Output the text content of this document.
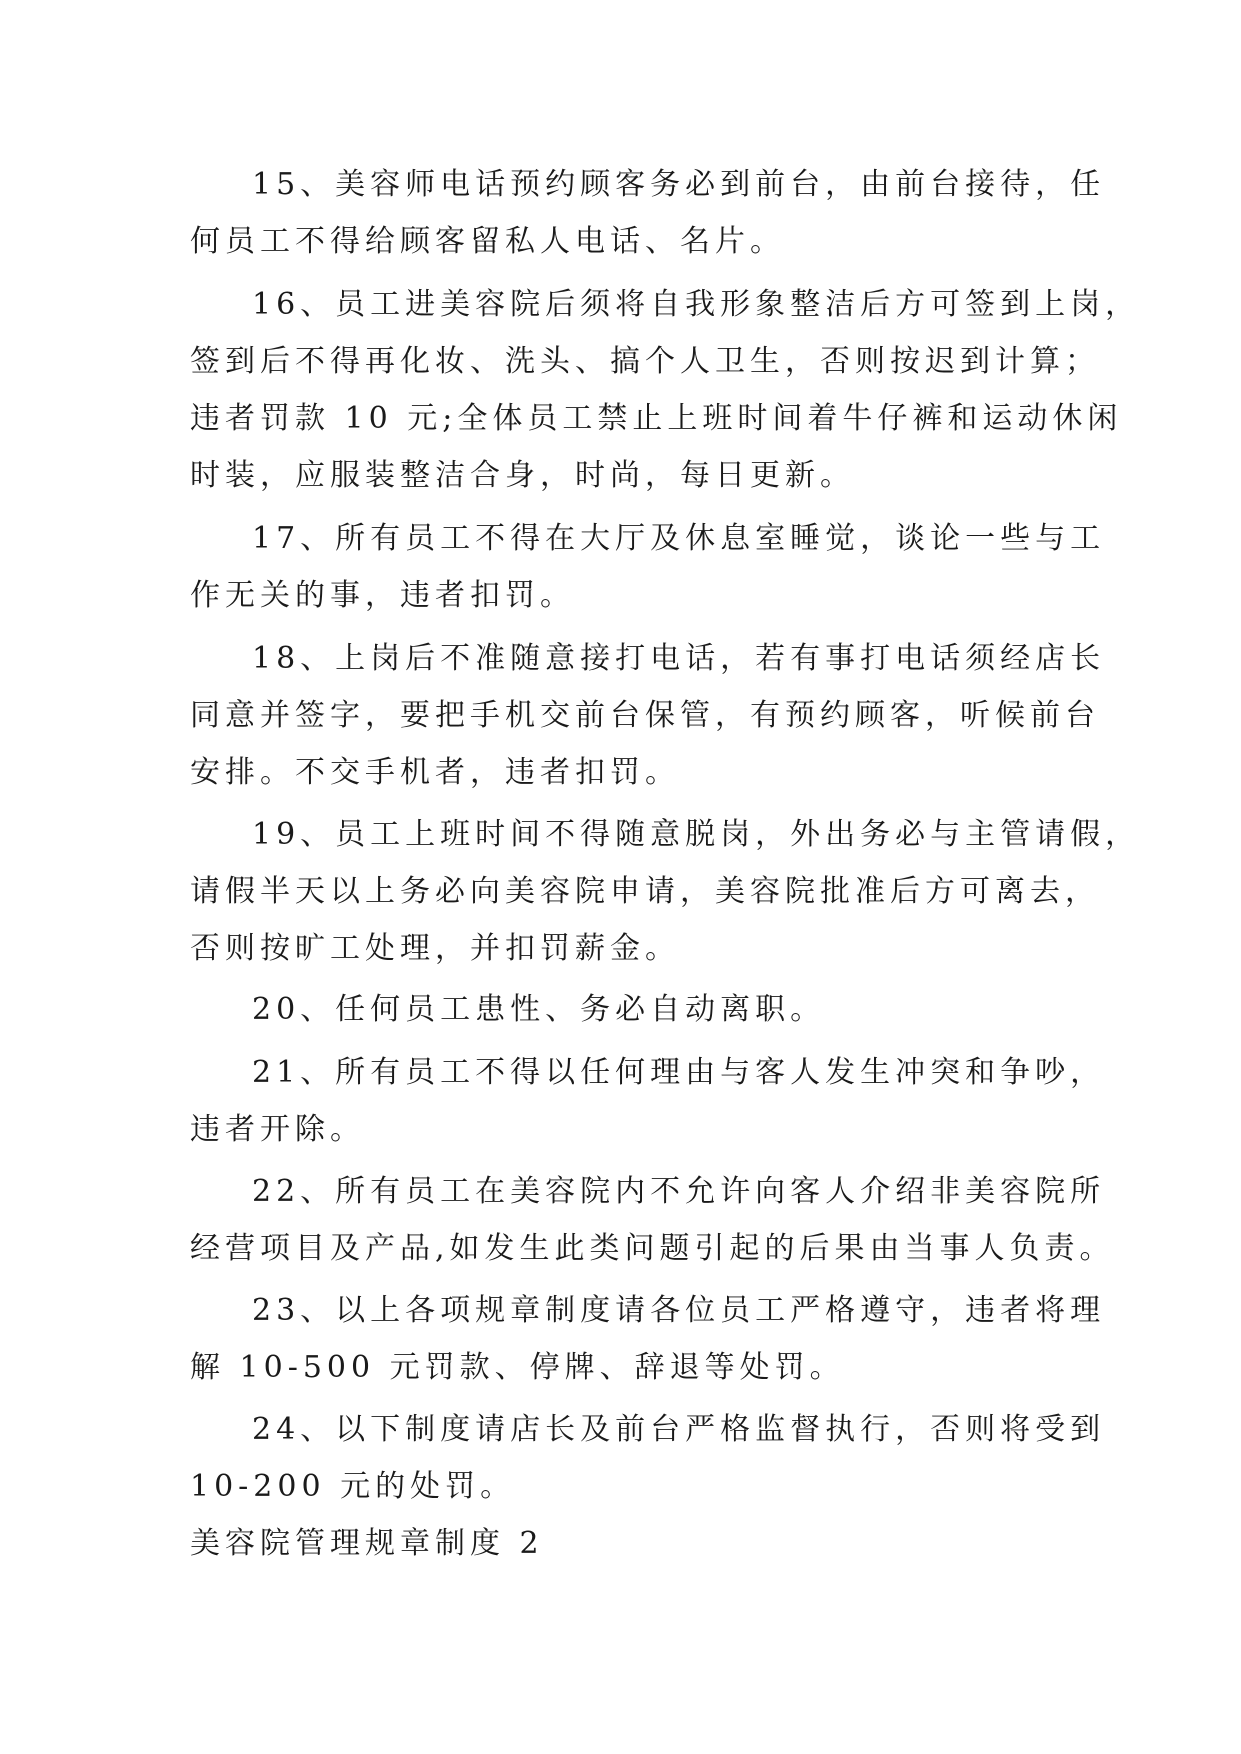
15、美容师电话预约顾客务必到前台，由前台接待，任
何员工不得给顾客留私人电话、名片。
16、员工进美容院后须将自我形象整洁后方可签到上岗，
签到后不得再化妆、洗头、搞个人卫生，否则按迟到计算；
违者罚款 10 元;全体员工禁止上班时间着牛仔裤和运动休闲
时装，应服装整洁合身，时尚，每日更新。
17、所有员工不得在大厅及休息室睡觉，谈论一些与工
作无关的事，违者扣罚。
18、上岗后不准随意接打电话，若有事打电话须经店长
同意并签字，要把手机交前台保管，有预约顾客，听候前台
安排。不交手机者，违者扣罚。
19、员工上班时间不得随意脱岗，外出务必与主管请假，
请假半天以上务必向美容院申请，美容院批准后方可离去，
否则按旷工处理，并扣罚薪金。
20、任何员工患性、务必自动离职。
21、所有员工不得以任何理由与客人发生冲突和争吵，
违者开除。
22、所有员工在美容院内不允许向客人介绍非美容院所
经营项目及产品,如发生此类问题引起的后果由当事人负责。
23、以上各项规章制度请各位员工严格遵守，违者将理
解 10-500 元罚款、停牌、辞退等处罚。
24、以下制度请店长及前台严格监督执行，否则将受到
10-200 元的处罚。
美容院管理规章制度 2
